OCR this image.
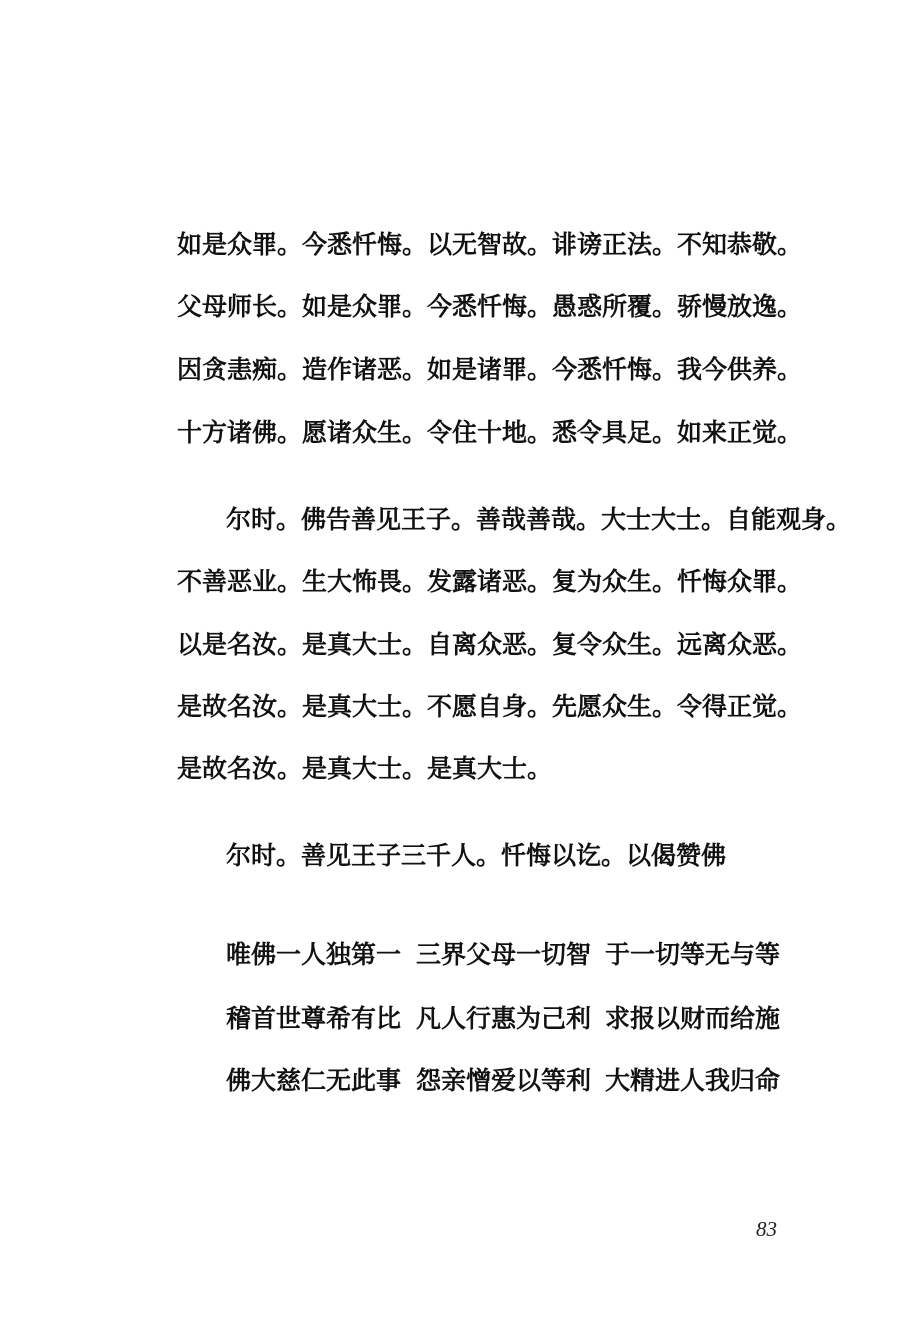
如是众罪。今悉忏悔。以无智故。诽谤正法。不知恭敬。
父母师长。如是众罪。今悉忏悔。愚惑所覆。骄慢放逸。
因贪恚痴。造作诸恶。如是诸罪。今悉忏悔。我今供养。
十方诸佛。愿诸众生。令住十地。悉令具足。如来正觉。
尔时。佛告善见王子。善哉善哉。大士大士。自能观身。
不善恶业。生大怖畏。发露诸恶。复为众生。忏悔众罪。
以是名汝。是真大士。自离众恶。复令众生。远离众恶。
是故名汝。是真大士。不愿自身。先愿众生。令得正觉。
是故名汝。是真大士。是真大士。
尔时。善见王子三千人。忏悔以讫。以偈赞佛
唯佛一人独第一 三界父母一切智 于一切等无与等
稽首世尊希有比 凡人行惠为己利 求报以财而给施
佛大慈仁无此事 怨亲憎爱以等利 大精进人我归命
83
